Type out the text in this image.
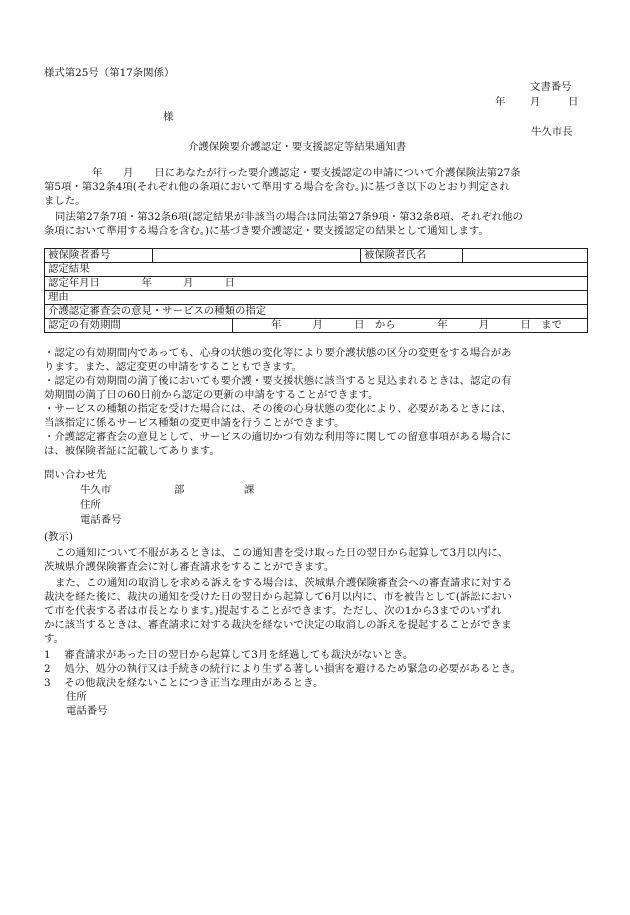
様式第25号（第17条関係）
文書番号
年 月	日
様
牛久市長
介護保険要介護認定・要支援認定等結果通知書
年　　月　　日にあなたが行った要介護認定・要支援認定の申請について介護保険法第27条
第5項・第32条4項(それぞれ他の条項において準用する場合を含む。)に基づき以下のとおり判定され
ました。
同法第27条7項・第32条6項(認定結果が非該当の場合は同法第27条9項・第32条8項、それぞれ他の
条項において準用する場合を含む。)に基づき要介護認定・要支援認定の結果として通知します。
被保険者番号			被保険者氏名	
認定結果				
認定年月日　　　　年　　　月　　　日				
理由				
介護認定審査会の意見・サービスの種類の指定				
認定の有効期間		年　　　月　　　日　から　　　　年　　　月　　　日　まで		
・認定の有効期間内であっても、心身の状態の変化等により要介護状態の区分の変更をする場合があ
ります。また、認定変更の申請をすることもできます。
・認定の有効期間の満了後においても要介護・要支援状態に該当すると見込まれるときは、認定の有
効期間の満了日の60日前から認定の更新の申請をすることができます。
・サービスの種類の指定を受けた場合には、その後の心身状態の変化により、必要があるときには、
当該指定に係るサービス種類の変更申請を行うことができます。
・介護認定審査会の意見として、サービスの適切かつ有効な利用等に関しての留意事項がある場合に
は、被保険者証に記載してあります。
問い合わせ先
牛久市	部	課
住所
電話番号
(教示)
この通知について不服があるときは、この通知書を受け取った日の翌日から起算して3月以内に、
茨城県介護保険審査会に対し審査請求をすることができます。
また、この通知の取消しを求める訴えをする場合は、茨城県介護保険審査会への審査請求に対する
裁決を経た後に、裁決の通知を受けた日の翌日から起算して6月以内に、市を被告として(訴訟におい
て市を代表する者は市長となります。)提起することができます。ただし、次の1から3までのいずれ
かに該当するときは、審査請求に対する裁決を経ないで決定の取消しの訴えを提起することができま
す。
1　 審査請求があった日の翌日から起算して3月を経過しても裁決がないとき。
2　 処分、処分の執行又は手続きの続行により生ずる著しい損害を避けるため緊急の必要があるとき。
3　 その他裁決を経ないことにつき正当な理由があるとき。
住所
電話番号
